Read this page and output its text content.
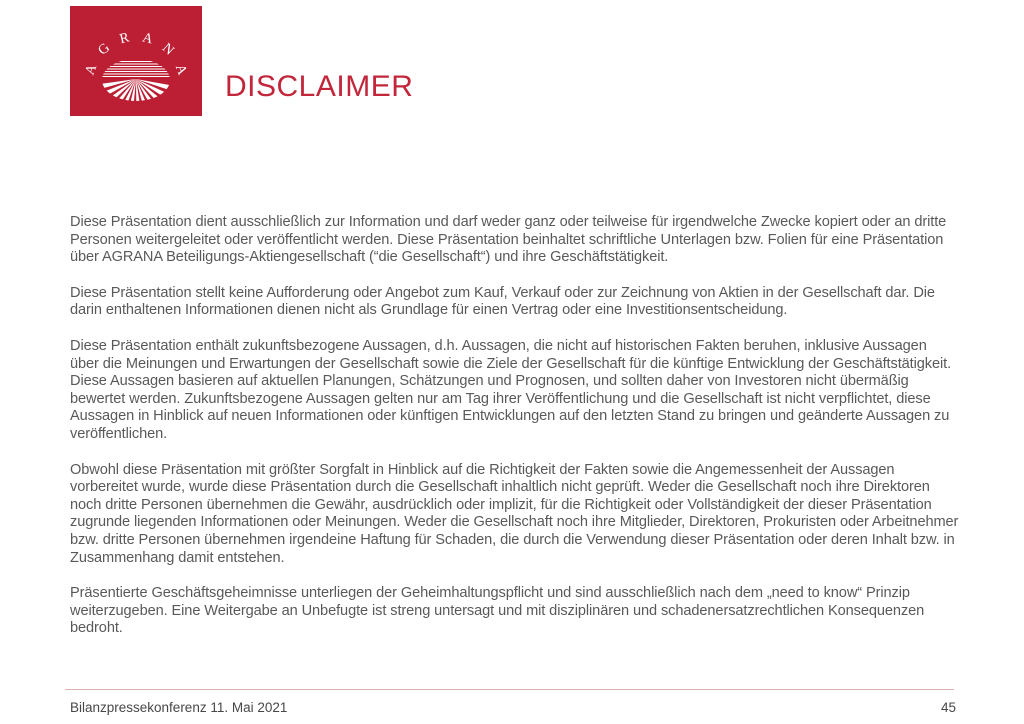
A
G
R A
N
A
DISCLAIMER

Diese Präsentation dient ausschließlich zur Information und darf weder ganz oder teilweise für irgendwelche Zwecke kopiert oder an dritte Personen weitergeleitet oder veröffentlicht werden. Diese Präsentation beinhaltet schriftliche Unterlagen bzw. Folien für eine Präsentation über AGRANA Beteiligungs-Aktiengesellschaft (“die Gesellschaft“) und ihre Geschäftstätigkeit.

Diese Präsentation stellt keine Aufforderung oder Angebot zum Kauf, Verkauf oder zur Zeichnung von Aktien in der Gesellschaft dar. Die darin enthaltenen Informationen dienen nicht als Grundlage für einen Vertrag oder eine Investitionsentscheidung.

Diese Präsentation enthält zukunftsbezogene Aussagen, d.h. Aussagen, die nicht auf historischen Fakten beruhen, inklusive Aussagen über die Meinungen und Erwartungen der Gesellschaft sowie die Ziele der Gesellschaft für die künftige Entwicklung der Geschäftstätigkeit. Diese Aussagen basieren auf aktuellen Planungen, Schätzungen und Prognosen, und sollten daher von Investoren nicht übermäßig bewertet werden. Zukunftsbezogene Aussagen gelten nur am Tag ihrer Veröffentlichung und die Gesellschaft ist nicht verpflichtet, diese Aussagen in Hinblick auf neuen Informationen oder künftigen Entwicklungen auf den letzten Stand zu bringen und geänderte Aussagen zu veröffentlichen.

Obwohl diese Präsentation mit größter Sorgfalt in Hinblick auf die Richtigkeit der Fakten sowie die Angemessenheit der Aussagen vorbereitet wurde, wurde diese Präsentation durch die Gesellschaft inhaltlich nicht geprüft. Weder die Gesellschaft noch ihre Direktoren noch dritte Personen übernehmen die Gewähr, ausdrücklich oder implizit, für die Richtigkeit oder Vollständigkeit der dieser Präsentation zugrunde liegenden Informationen oder Meinungen. Weder die Gesellschaft noch ihre Mitglieder, Direktoren, Prokuristen oder Arbeitnehmer bzw. dritte Personen übernehmen irgendeine Haftung für Schaden, die durch die Verwendung dieser Präsentation oder deren Inhalt bzw. in Zusammenhang damit entstehen.

Präsentierte Geschäftsgeheimnisse unterliegen der Geheimhaltungspflicht und sind ausschließlich nach dem „need to know“ Prinzip weiterzugeben. Eine Weitergabe an Unbefugte ist streng untersagt und mit disziplinären und schadenersatzrechtlichen Konsequenzen bedroht.

Bilanzpressekonferenz 11. Mai 2021	45
